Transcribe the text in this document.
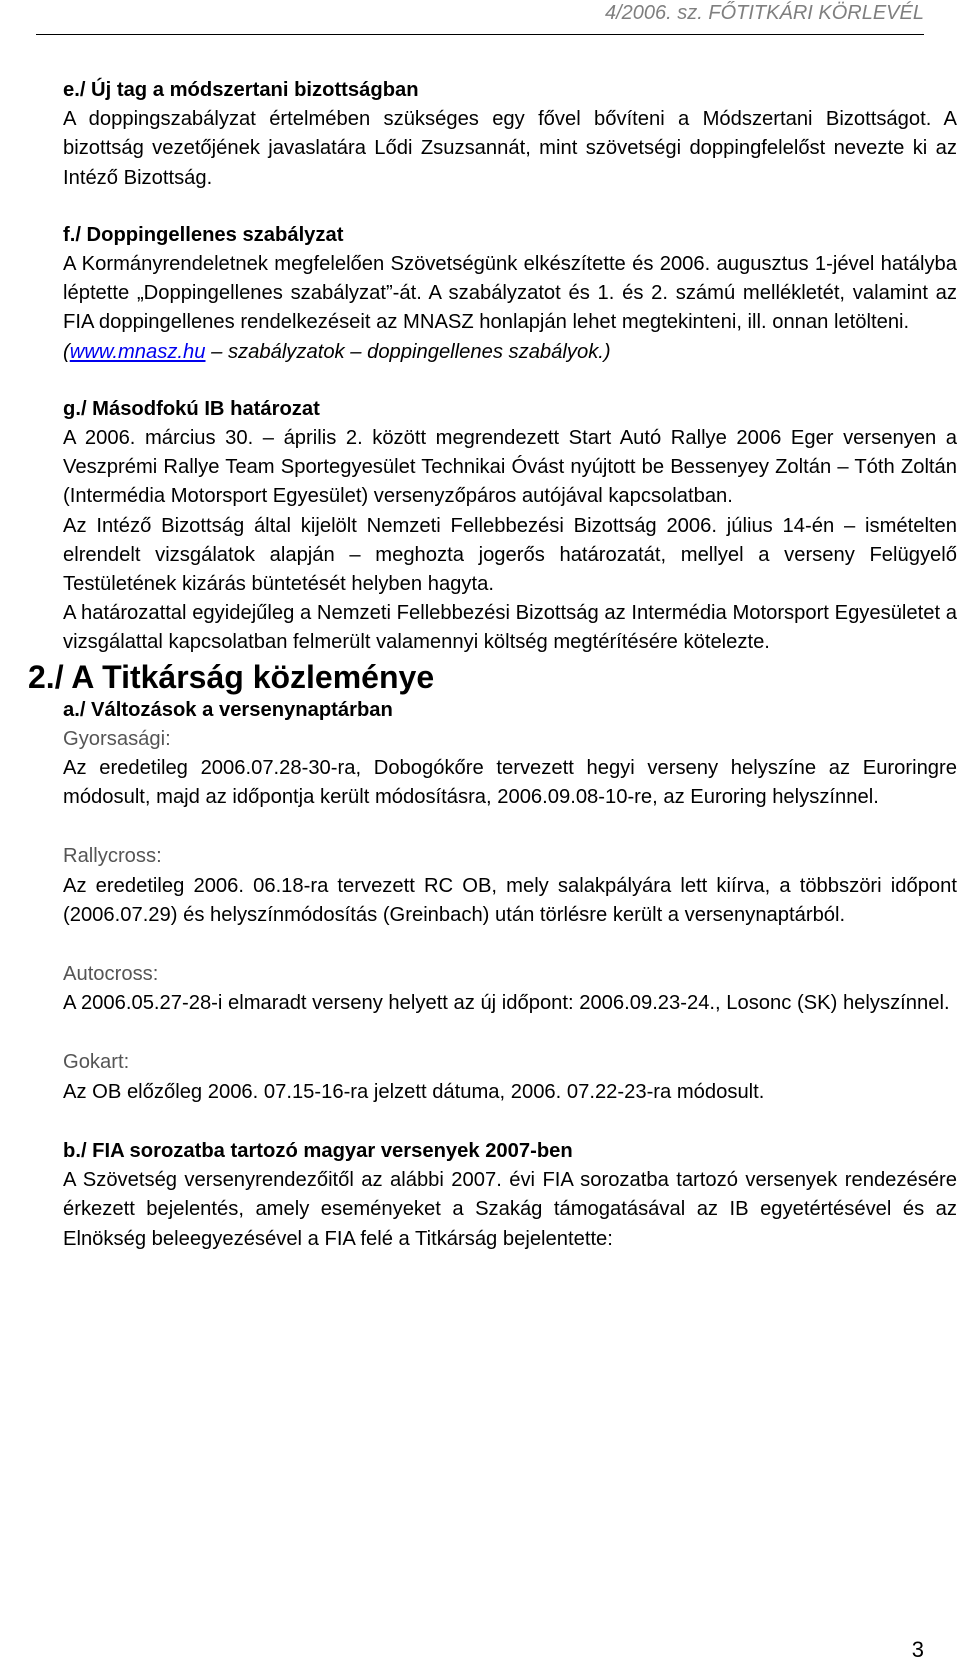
4/2006. sz. FŐTITKÁRI KÖRLEVÉL

e./ Új tag a módszertani bizottságban

A doppingszabályzat értelmében szükséges egy fővel bővíteni a Módszertani Bizottságot. A bizottság vezetőjének javaslatára Lődi Zsuzsannát, mint szövetségi doppingfelelőst nevezte ki az Intéző Bizottság.

f./ Doppingellenes szabályzat

A Kormányrendeletnek megfelelően Szövetségünk elkészítette és 2006. augusztus 1-jével hatályba léptette „Doppingellenes szabályzat”-át. A szabályzatot és 1. és 2. számú mellékletét, valamint az FIA doppingellenes rendelkezéseit az MNASZ honlapján lehet megtekinteni, ill. onnan letölteni.

(www.mnasz.hu – szabályzatok – doppingellenes szabályok.)

g./ Másodfokú IB határozat

A 2006. március 30. – április 2. között megrendezett Start Autó Rallye 2006 Eger versenyen a Veszprémi Rallye Team Sportegyesület Technikai Óvást nyújtott be Bessenyey Zoltán – Tóth Zoltán (Intermédia Motorsport Egyesület) versenyzőpáros autójával kapcsolatban.

Az Intéző Bizottság által kijelölt Nemzeti Fellebbezési Bizottság 2006. július 14-én – ismételten elrendelt vizsgálatok alapján – meghozta jogerős határozatát, mellyel a verseny Felügyelő Testületének kizárás büntetését helyben hagyta.

A határozattal egyidejűleg a Nemzeti Fellebbezési Bizottság az Intermédia Motorsport Egyesületet a vizsgálattal kapcsolatban felmerült valamennyi költség megtérítésére kötelezte.

2./ A Titkárság közleménye

a./ Változások a versenynaptárban

Gyorsasági:

Az eredetileg 2006.07.28-30-ra, Dobogókőre tervezett hegyi verseny helyszíne az Euroringre módosult, majd az időpontja került módosításra, 2006.09.08-10-re, az Euroring helyszínnel.

Rallycross:

Az eredetileg 2006. 06.18-ra tervezett RC OB, mely salakpályára lett kiírva, a többszöri időpont (2006.07.29) és helyszínmódosítás (Greinbach) után törlésre került a versenynaptárból.

Autocross:

A 2006.05.27-28-i elmaradt verseny helyett az új időpont: 2006.09.23-24., Losonc (SK) helyszínnel.

Gokart:

Az OB előzőleg 2006. 07.15-16-ra jelzett dátuma, 2006. 07.22-23-ra módosult.

b./ FIA sorozatba tartozó magyar versenyek 2007-ben

A Szövetség versenyrendezőitől az alábbi 2007. évi FIA sorozatba tartozó versenyek rendezésére érkezett bejelentés, amely eseményeket a Szakág támogatásával az IB egyetértésével és az Elnökség beleegyezésével a FIA felé a Titkárság bejelentette:

3
